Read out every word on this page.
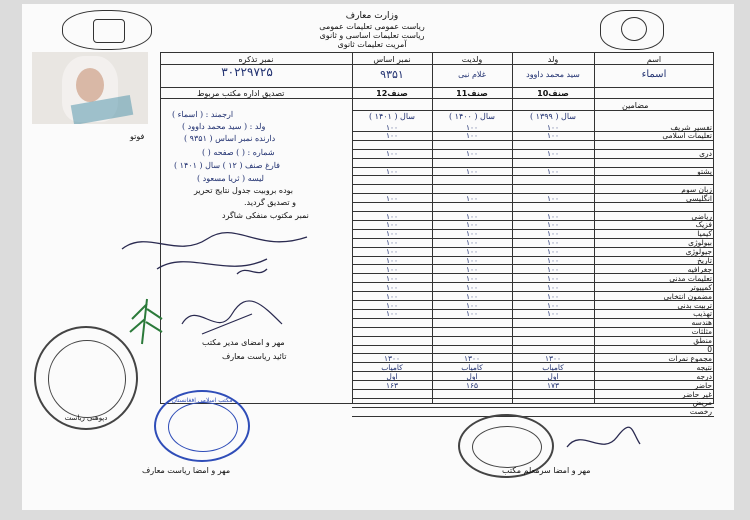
وزارت معارف
ریاست عمومی تعلیمات عمومی
ریاست تعلیمات اساسی و ثانوی
آمریت تعلیمات ثانوی
فوتو
اسم
ولد
ولدیت
نمبر اساس
نمبر تذکره
اسماء
سید محمد داوود
غلام نبی
۹۳۵۱
۳۰۲۲۹۷۲۵
تصدیق اداره مکتب مربوط	صنف10
صنف11
صنف12
مضامین
سال ( ۱۳۹۹ )
سال ( ۱۴۰۰ )
سال ( ۱۴۰۱ )
تفسیر شریف
۱۰۰
۱۰۰
۱۰۰
تعلیمات اسلامی
۱۰۰
۱۰۰
۱۰۰
دری
۱۰۰
۱۰۰
۱۰۰
پشتو
۱۰۰
۱۰۰
۱۰۰
زبان سوم
انگلیسی
۱۰۰
۱۰۰
۱۰۰
ریاضی
۱۰۰
۱۰۰
۱۰۰
فزیک
۱۰۰
۱۰۰
۱۰۰
کیمیا
۱۰۰
۱۰۰
۱۰۰
بیولوژی
۱۰۰
۱۰۰
۱۰۰
جیولوژی
۱۰۰
۱۰۰
۱۰۰
تاریخ
۱۰۰
۱۰۰
۱۰۰
جغرافیه
۱۰۰
۱۰۰
۱۰۰
تعلیمات مدنی
۱۰۰
۱۰۰
۱۰۰
کمپیوتر
۱۰۰
۱۰۰
۱۰۰
مضمون انتخابی
۱۰۰
۱۰۰
۱۰۰
تربیت بدنی
۱۰۰
۱۰۰
۱۰۰
تهذیب
۱۰۰
۱۰۰
۱۰۰
هندسه
مثلثات
منطق
0
مجموع نمرات
۱۳۰۰
۱۳۰۰
۱۳۰۰
نتیجه
کامیاب
کامیاب
کامیاب
درجه
اول
اول
اول
حاضر
۱۷۳
۱۶۵
۱۶۳
غیر حاضر
مریض
رخصت
ارجمند : ( اسماء )
ولد : ( سید محمد داوود )
دارنده نمبر اساس ( ۹۳۵۱ )
شماره : ( ) صفحه ( )
فارغ صنف ( ۱۲ ) سال ( ۱۴۰۱ )
لیسه ( ثریا مسعود )
بوده بروبیت جدول نتایج تحریر
و تصدیق گردید.
نمبر مکتوب منفکی شاگرد
مهر و امضای مدیر مکتب
تائید ریاست معارف
دپوهنی ریاست
مکتب اسلامی افغانستان
مهر و امضا ریاست معارف	مهر و امضا سرمعلم مکتب
